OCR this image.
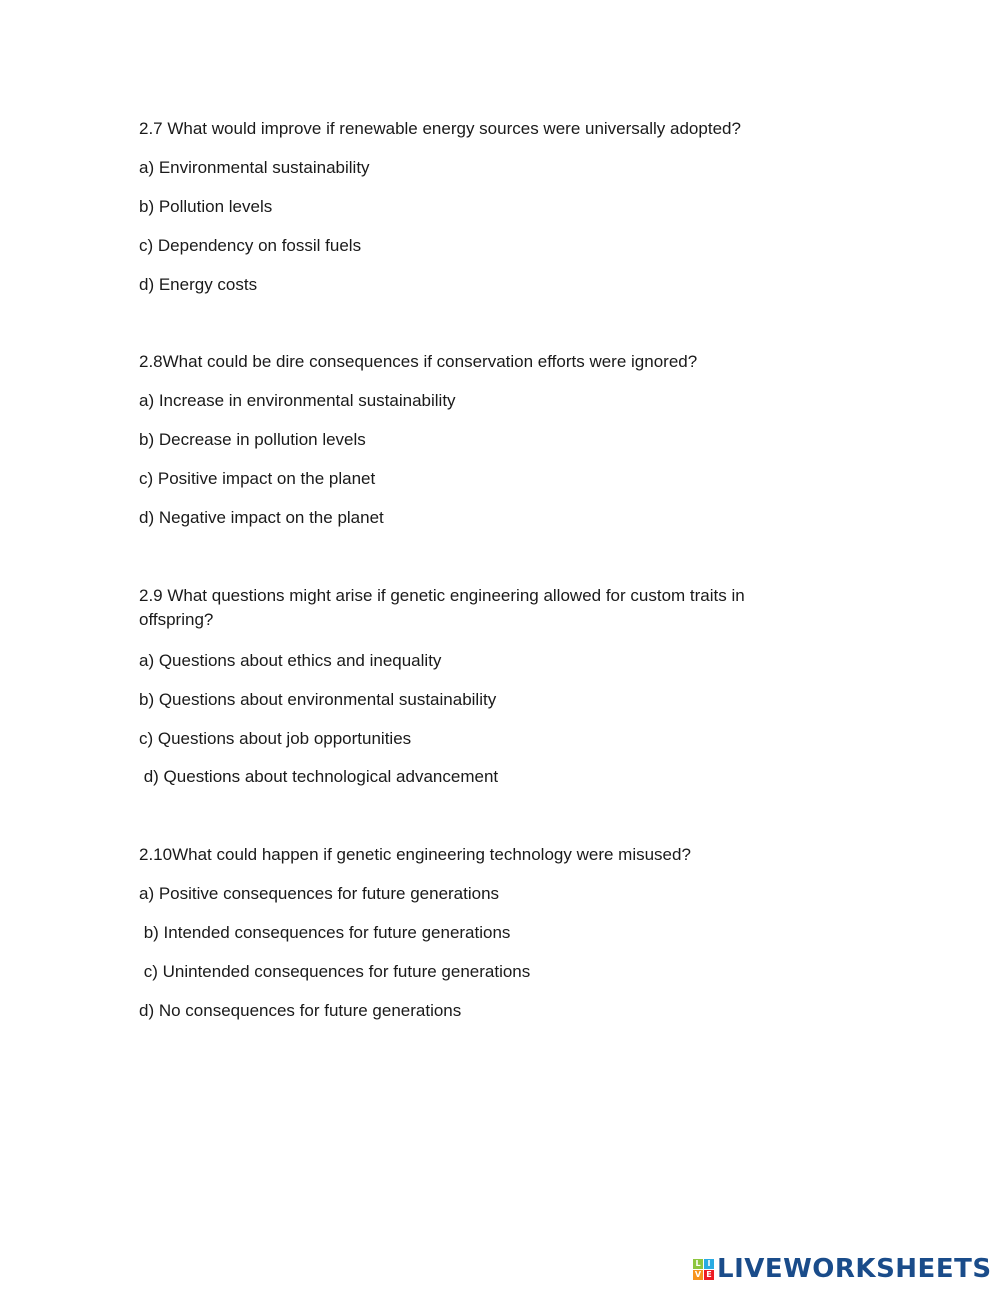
2.7 What would improve if renewable energy sources were universally adopted?
a) Environmental sustainability
b) Pollution levels
c) Dependency on fossil fuels
d) Energy costs
2.8What could be dire consequences if conservation efforts were ignored?
a) Increase in environmental sustainability
b) Decrease in pollution levels
c) Positive impact on the planet
d) Negative impact on the planet
2.9 What questions might arise if genetic engineering allowed for custom traits in offspring?
a) Questions about ethics and inequality
b) Questions about environmental sustainability
c) Questions about job opportunities
d) Questions about technological advancement
2.10What could happen if genetic engineering technology were misused?
a) Positive consequences for future generations
b) Intended consequences for future generations
c) Unintended consequences for future generations
d) No consequences for future generations
L I
V E LIVEWORKSHEETS
